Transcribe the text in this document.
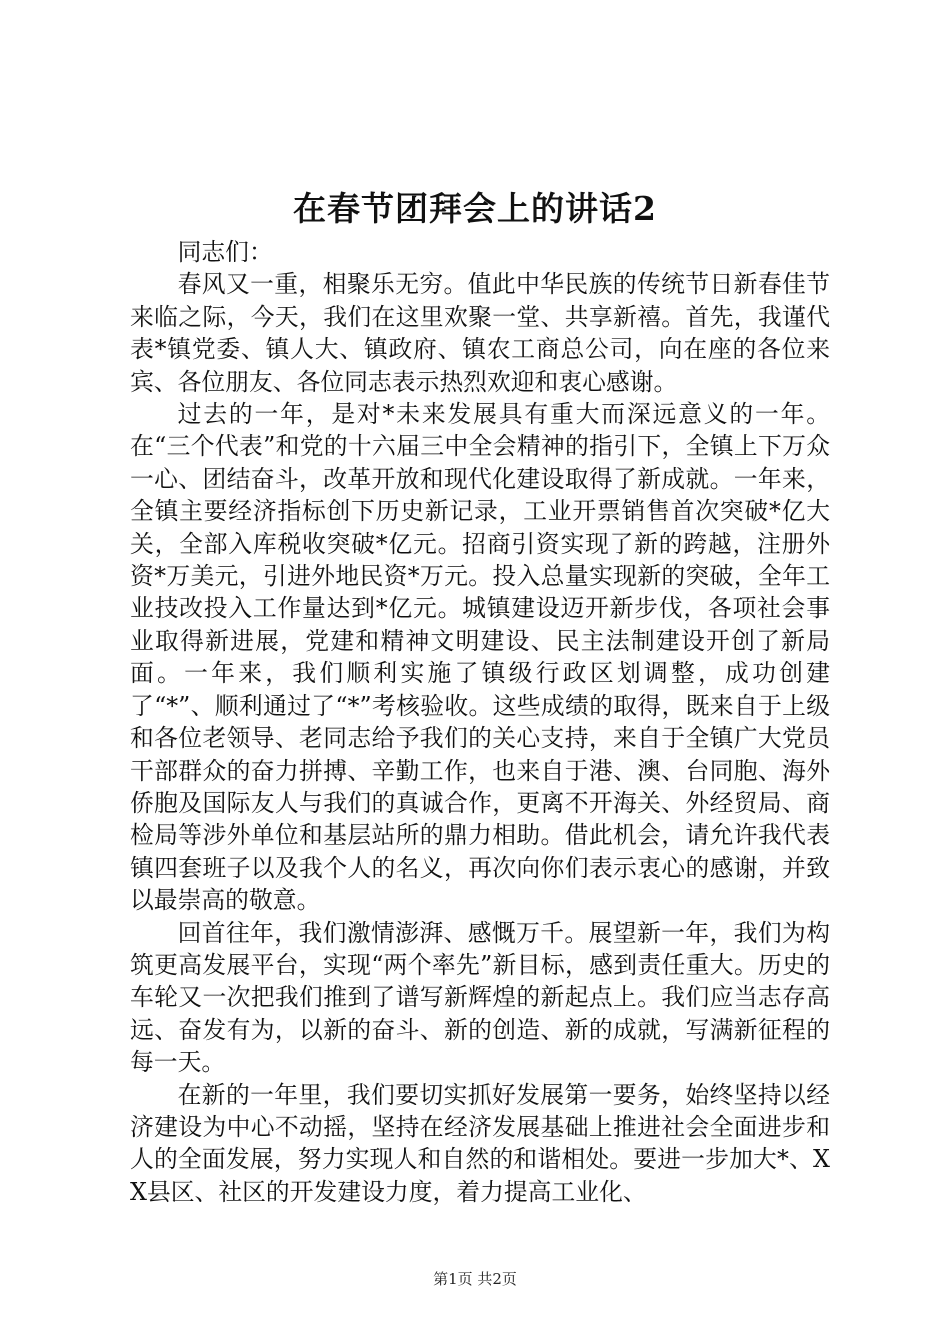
在春节团拜会上的讲话2

同志们：

春风又一重，相聚乐无穷。值此中华民族的传统节日新春佳节来临之际，今天，我们在这里欢聚一堂、共享新禧。首先，我谨代表*镇党委、镇人大、镇政府、镇农工商总公司，向在座的各位来宾、各位朋友、各位同志表示热烈欢迎和衷心感谢。

过去的一年，是对*未来发展具有重大而深远意义的一年。在“三个代表”和党的十六届三中全会精神的指引下，全镇上下万众一心、团结奋斗，改革开放和现代化建设取得了新成就。一年来，全镇主要经济指标创下历史新记录，工业开票销售首次突破*亿大关，全部入库税收突破*亿元。招商引资实现了新的跨越，注册外资*万美元，引进外地民资*万元。投入总量实现新的突破，全年工业技改投入工作量达到*亿元。城镇建设迈开新步伐，各项社会事业取得新进展，党建和精神文明建设、民主法制建设开创了新局面。一年来，我们顺利实施了镇级行政区划调整，成功创建了“*”、顺利通过了“*”考核验收。这些成绩的取得，既来自于上级和各位老领导、老同志给予我们的关心支持，来自于全镇广大党员干部群众的奋力拼搏、辛勤工作，也来自于港、澳、台同胞、海外侨胞及国际友人与我们的真诚合作，更离不开海关、外经贸局、商检局等涉外单位和基层站所的鼎力相助。借此机会，请允许我代表镇四套班子以及我个人的名义，再次向你们表示衷心的感谢，并致以最崇高的敬意。

回首往年，我们激情澎湃、感慨万千。展望新一年，我们为构筑更高发展平台，实现“两个率先”新目标，感到责任重大。历史的车轮又一次把我们推到了谱写新辉煌的新起点上。我们应当志存高远、奋发有为，以新的奋斗、新的创造、新的成就，写满新征程的每一天。

在新的一年里，我们要切实抓好发展第一要务，始终坚持以经济建设为中心不动摇，坚持在经济发展基础上推进社会全面进步和人的全面发展，努力实现人和自然的和谐相处。要进一步加大*、XX县区、社区的开发建设力度，着力提高工业化、

第1页 共2页
